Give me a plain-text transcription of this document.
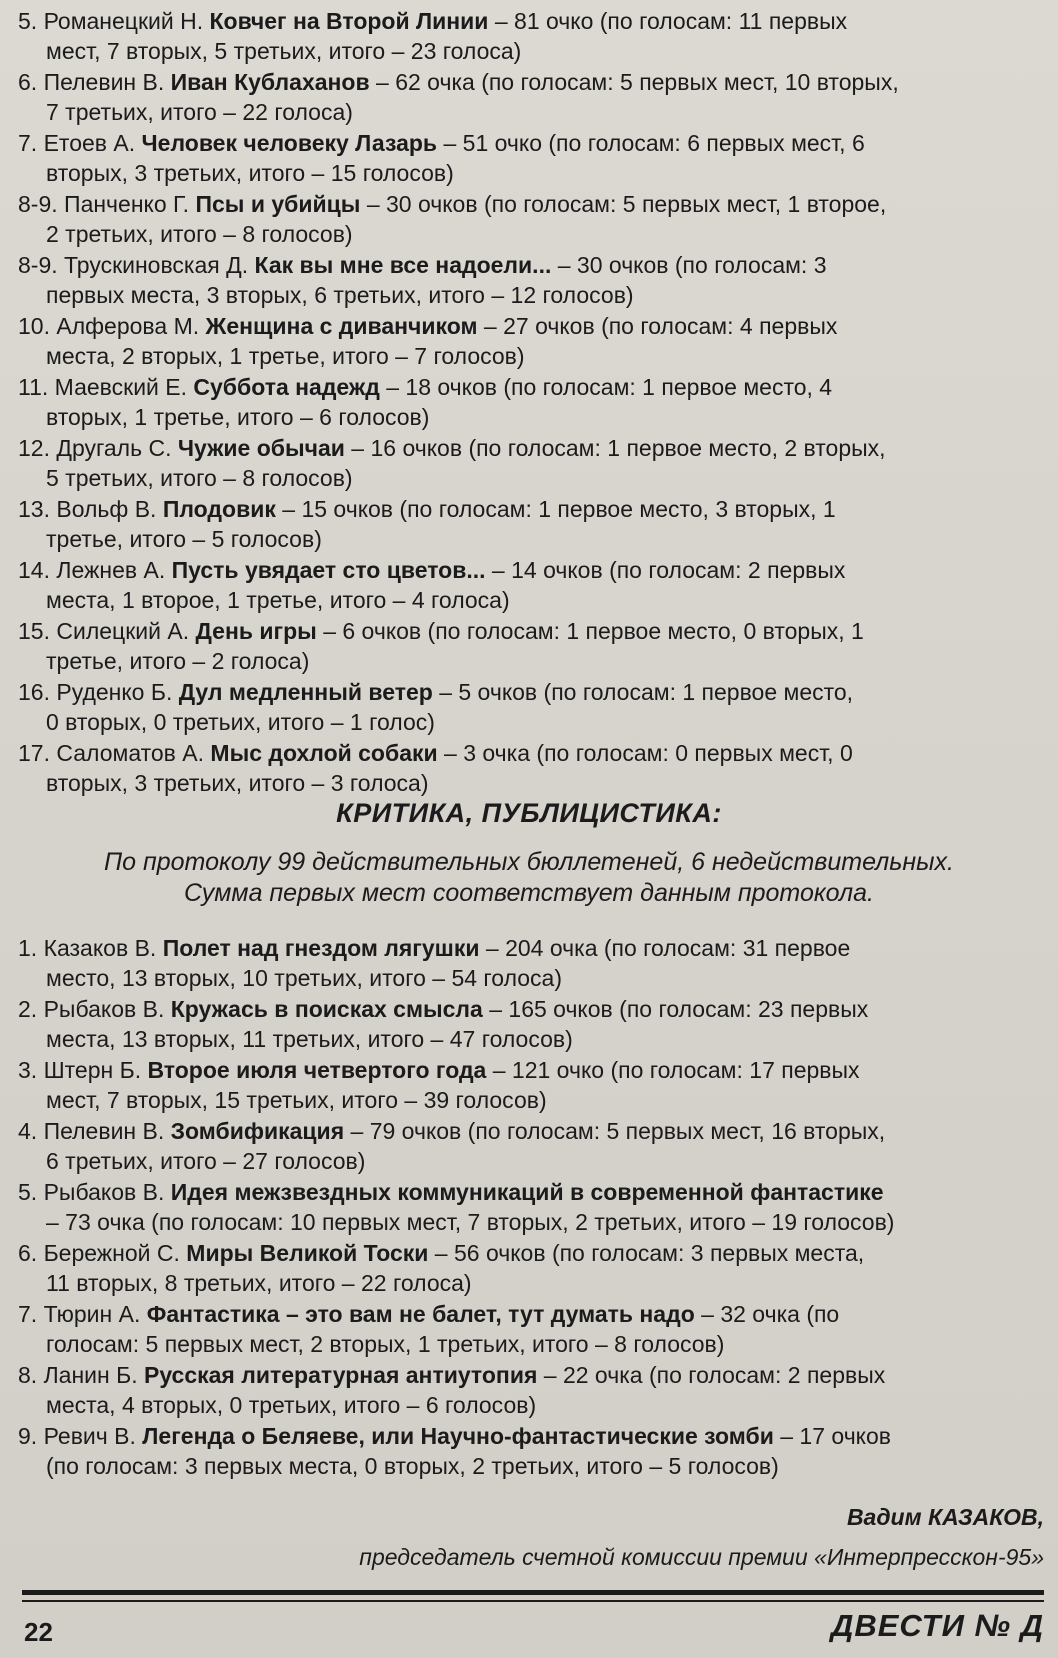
5. Романецкий Н. Ковчег на Второй Линии – 81 очко (по голосам: 11 первых
мест, 7 вторых, 5 третьих, итого – 23 голоса)
6. Пелевин В. Иван Кублаханов – 62 очка (по голосам: 5 первых мест, 10 вторых,
7 третьих, итого – 22 голоса)
7. Етоев А. Человек человеку Лазарь – 51 очко (по голосам: 6 первых мест, 6
вторых, 3 третьих, итого – 15 голосов)
8-9. Панченко Г. Псы и убийцы – 30 очков (по голосам: 5 первых мест, 1 второе,
2 третьих, итого – 8 голосов)
8-9. Трускиновская Д. Как вы мне все надоели... – 30 очков (по голосам: 3
первых места, 3 вторых, 6 третьих, итого – 12 голосов)
10. Алферова М. Женщина с диванчиком – 27 очков (по голосам: 4 первых
места, 2 вторых, 1 третье, итого – 7 голосов)
11. Маевский Е. Суббота надежд – 18 очков (по голосам: 1 первое место, 4
вторых, 1 третье, итого – 6 голосов)
12. Другаль С. Чужие обычаи – 16 очков (по голосам: 1 первое место, 2 вторых,
5 третьих, итого – 8 голосов)
13. Вольф В. Плодовик – 15 очков (по голосам: 1 первое место, 3 вторых, 1
третье, итого – 5 голосов)
14. Лежнев А. Пусть увядает сто цветов... – 14 очков (по голосам: 2 первых
места, 1 второе, 1 третье, итого – 4 голоса)
15. Силецкий А. День игры – 6 очков (по голосам: 1 первое место, 0 вторых, 1
третье, итого – 2 голоса)
16. Руденко Б. Дул медленный ветер – 5 очков (по голосам: 1 первое место,
0 вторых, 0 третьих, итого – 1 голос)
17. Саломатов А. Мыс дохлой собаки – 3 очка (по голосам: 0 первых мест, 0
вторых, 3 третьих, итого – 3 голоса)
КРИТИКА, ПУБЛИЦИСТИКА:
По протоколу 99 действительных бюллетеней, 6 недействительных.
Сумма первых мест соответствует данным протокола.
1. Казаков В. Полет над гнездом лягушки – 204 очка (по голосам: 31 первое
место, 13 вторых, 10 третьих, итого – 54 голоса)
2. Рыбаков В. Кружась в поисках смысла – 165 очков (по голосам: 23 первых
места, 13 вторых, 11 третьих, итого – 47 голосов)
3. Штерн Б. Второе июля четвертого года – 121 очко (по голосам: 17 первых
мест, 7 вторых, 15 третьих, итого – 39 голосов)
4. Пелевин В. Зомбификация – 79 очков (по голосам: 5 первых мест, 16 вторых,
6 третьих, итого – 27 голосов)
5. Рыбаков В. Идея межзвездных коммуникаций в современной фантастике
– 73 очка (по голосам: 10 первых мест, 7 вторых, 2 третьих, итого – 19 голосов)
6. Бережной С. Миры Великой Тоски – 56 очков (по голосам: 3 первых места,
11 вторых, 8 третьих, итого – 22 голоса)
7. Тюрин А. Фантастика – это вам не балет, тут думать надо – 32 очка (по
голосам: 5 первых мест, 2 вторых, 1 третьих, итого – 8 голосов)
8. Ланин Б. Русская литературная антиутопия – 22 очка (по голосам: 2 первых
места, 4 вторых, 0 третьих, итого – 6 голосов)
9. Ревич В. Легенда о Беляеве, или Научно-фантастические зомби – 17 очков
(по голосам: 3 первых места, 0 вторых, 2 третьих, итого – 5 голосов)
Вадим КАЗАКОВ,
председатель счетной комиссии премии «Интерпресскон-95»
22	ДВЕСТИ № Д
